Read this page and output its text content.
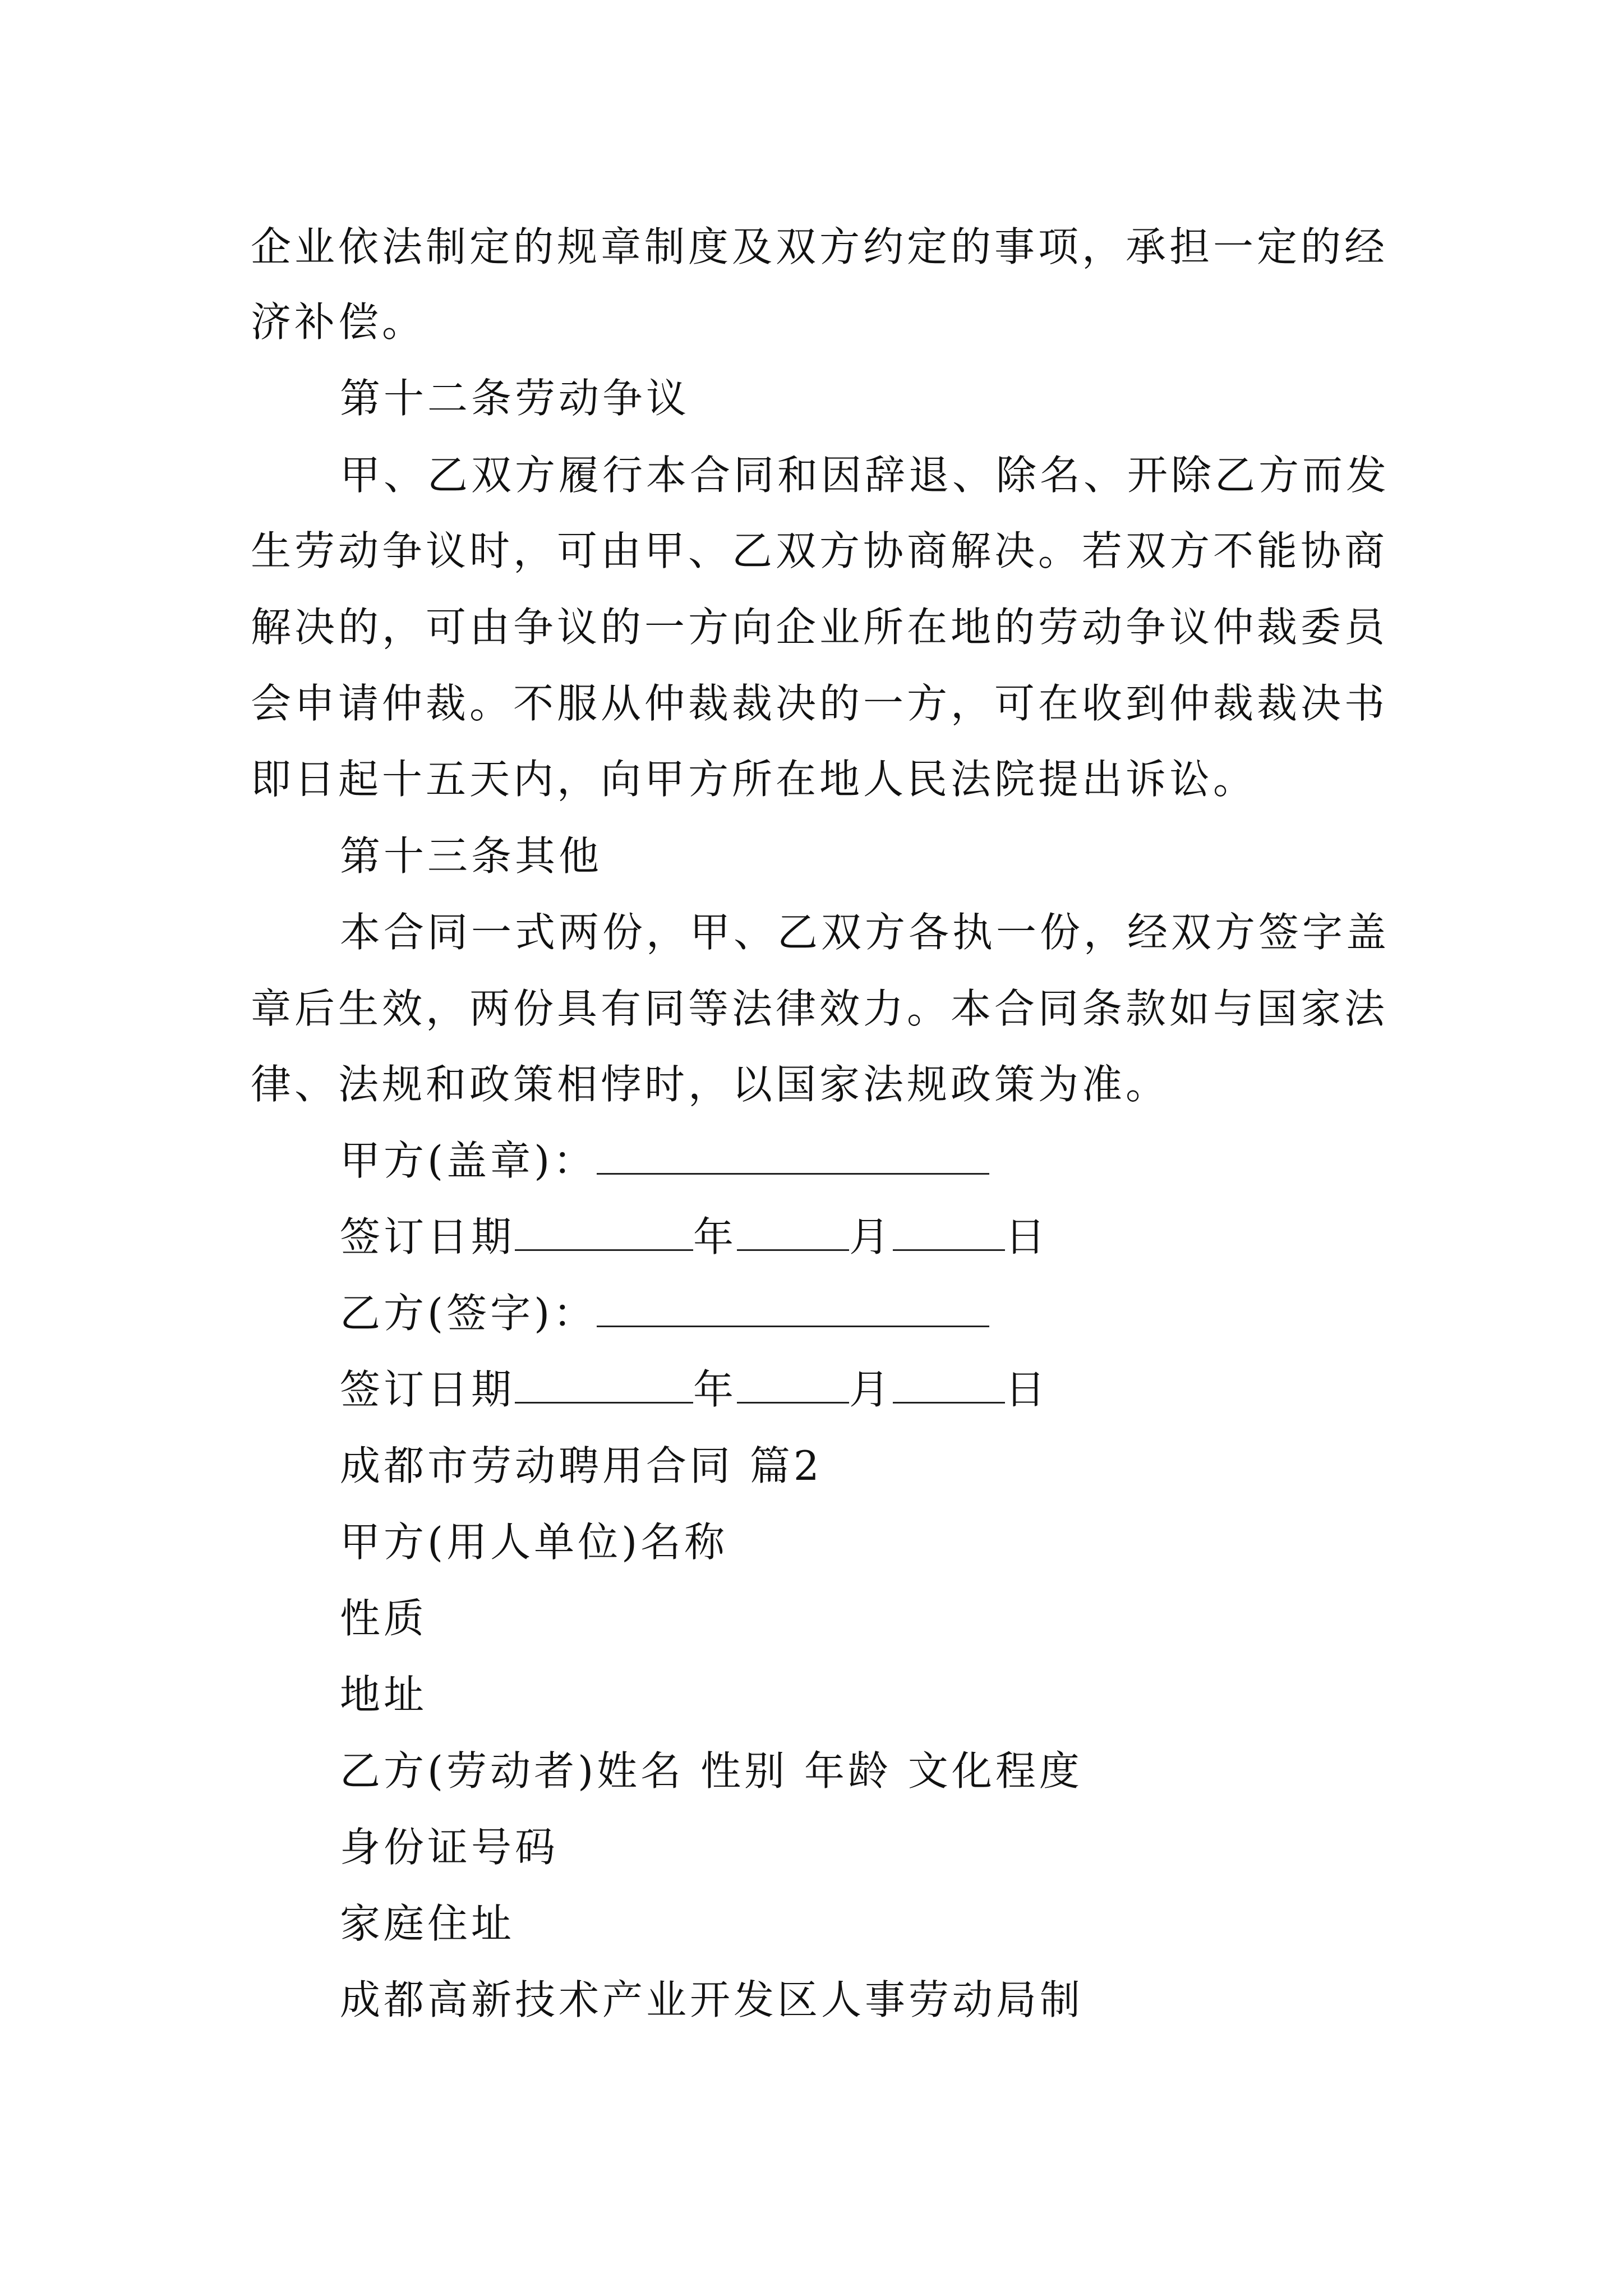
企业依法制定的规章制度及双方约定的事项，承担一定的经
济补偿。
第十二条劳动争议
甲、乙双方履行本合同和因辞退、除名、开除乙方而发
生劳动争议时，可由甲、乙双方协商解决。若双方不能协商
解决的，可由争议的一方向企业所在地的劳动争议仲裁委员
会申请仲裁。不服从仲裁裁决的一方，可在收到仲裁裁决书
即日起十五天内，向甲方所在地人民法院提出诉讼。
第十三条其他
本合同一式两份，甲、乙双方各执一份，经双方签字盖
章后生效，两份具有同等法律效力。本合同条款如与国家法
律、法规和政策相悖时，以国家法规政策为准。
甲方(盖章)：
签订日期	年	月	日
乙方(签字)：
签订日期	年	月	日
成都市劳动聘用合同 篇2
甲方(用人单位)名称
性质
地址
乙方(劳动者)姓名 性别 年龄 文化程度
身份证号码
家庭住址
成都高新技术产业开发区人事劳动局制
